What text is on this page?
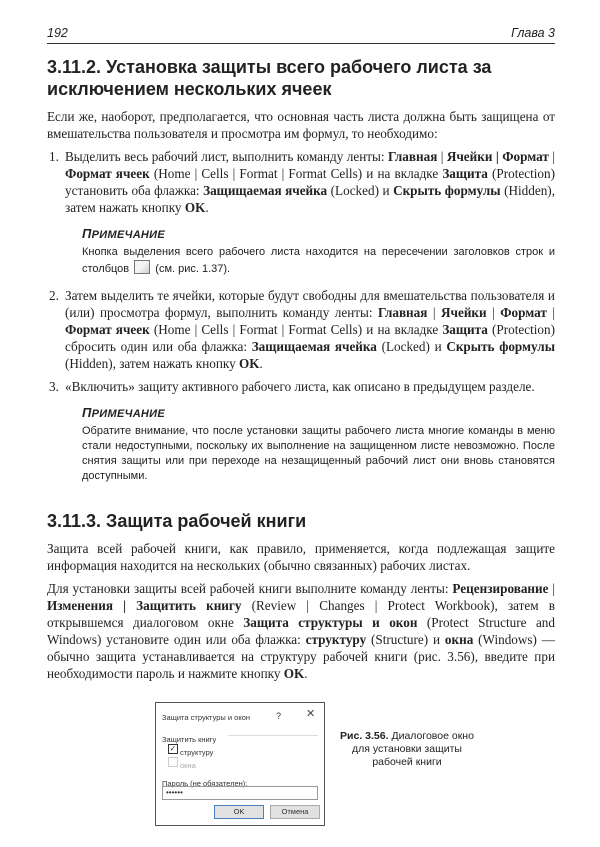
192	Глава 3
3.11.2. Установка защиты всего рабочего листа за исключением нескольких ячеек

Если же, наоборот, предполагается, что основная часть листа должна быть защищена от вмешательства пользователя и просмотра им формул, то необходимо:

1. Выделить весь рабочий лист, выполнить команду ленты: Главная | Ячейки | Формат | Формат ячеек (Home | Cells | Format | Format Cells) и на вкладке Защита (Protection) установить оба флажка: Защищаемая ячейка (Locked) и Скрыть формулы (Hidden), затем нажать кнопку OK.
ПРИМЕЧАНИЕ
Кнопка выделения всего рабочего листа находится на пересечении заголовков строк и столбцов  (см. рис. 1.37).
2. Затем выделить те ячейки, которые будут свободны для вмешательства пользователя и (или) просмотра формул, выполнить команду ленты: Главная | Ячейки | Формат | Формат ячеек (Home | Cells | Format | Format Cells) и на вкладке Защита (Protection) сбросить один или оба флажка: Защищаемая ячейка (Locked) и Скрыть формулы (Hidden), затем нажать кнопку OK.
3. «Включить» защиту активного рабочего листа, как описано в предыдущем разделе.
ПРИМЕЧАНИЕ
Обратите внимание, что после установки защиты рабочего листа многие команды в меню стали недоступными, поскольку их выполнение на защищенном листе невозможно. После снятия защиты или при переходе на незащищенный рабочий лист они вновь становятся доступными.
3.11.3. Защита рабочей книги

Защита всей рабочей книги, как правило, применяется, когда подлежащая защите информация находится на нескольких (обычно связанных) рабочих листах.

Для установки защиты всей рабочей книги выполните команду ленты: Рецензирование | Изменения | Защитить книгу (Review | Changes | Protect Workbook), затем в открывшемся диалоговом окне Защита структуры и окон (Protect Structure and Windows) установите один или оба флажка: структуру (Structure) и окна (Windows) — обычно защита устанавливается на структуру рабочей книги (рис. 3.56), введите при необходимости пароль и нажмите кнопку OK.

Защита структуры и окон	? ✕
Защитить книгу
✓ структуру
окна
Пароль (не обязателен):
••••••
OK	Отмена
Рис. 3.56. Диалоговое окно для установки защиты рабочей книги
